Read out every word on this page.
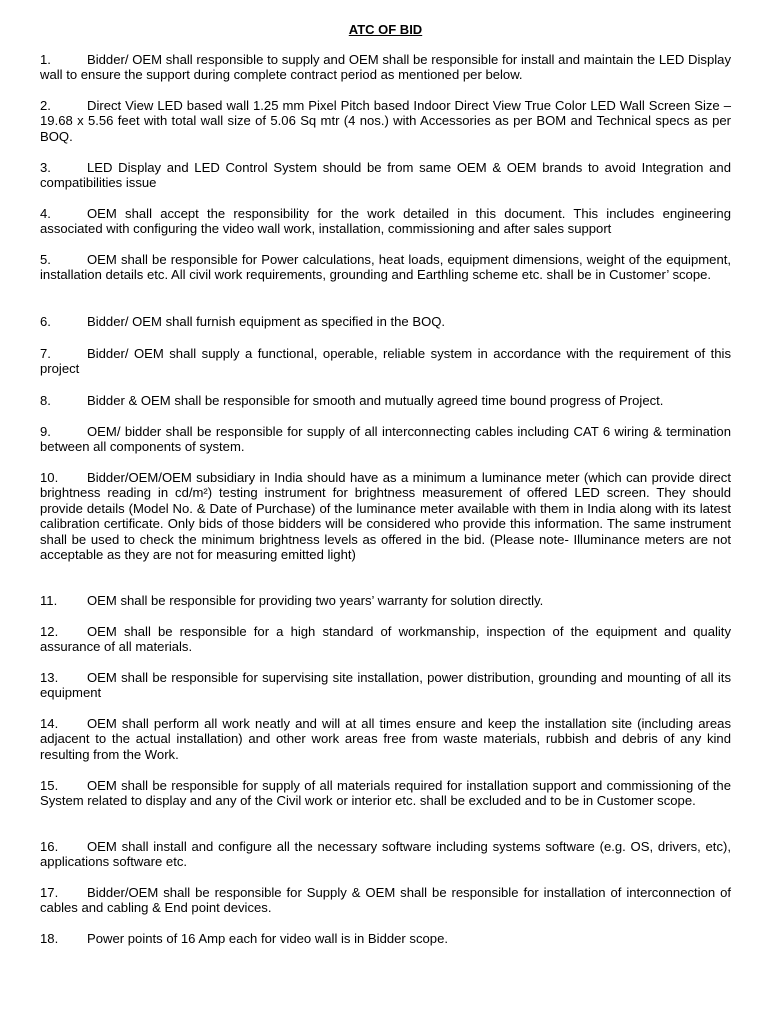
ATC OF BID

1.	Bidder/ OEM shall responsible to supply and OEM shall be responsible for install and maintain the LED Display wall to ensure the support during complete contract period as mentioned per below.

2.	Direct View LED based wall 1.25 mm Pixel Pitch based Indoor Direct View True Color LED Wall Screen Size – 19.68 x 5.56 feet with total wall size of 5.06 Sq mtr (4 nos.) with Accessories as per BOM and Technical specs as per BOQ.

3.	LED Display and LED Control System should be from same OEM & OEM brands to avoid Integration and compatibilities issue

4.	OEM shall accept the responsibility for the work detailed in this document. This includes engineering associated with configuring the video wall work, installation, commissioning and after sales support

5.	OEM shall be responsible for Power calculations, heat loads, equipment dimensions, weight of the equipment, installation details etc. All civil work requirements, grounding and Earthling scheme etc. shall be in Customer’ scope.

6.	Bidder/ OEM shall furnish equipment as specified in the BOQ.

7.	Bidder/ OEM shall supply a functional, operable, reliable system in accordance with the requirement of this project

8.	Bidder & OEM shall be responsible for smooth and mutually agreed time bound progress of Project.

9.	OEM/ bidder shall be responsible for supply of all interconnecting cables including CAT 6 wiring & termination between all components of system.

10. Bidder/OEM/OEM subsidiary in India should have as a minimum a luminance meter (which can provide direct brightness reading in cd/m²) testing instrument for brightness measurement of offered LED screen. They should provide details (Model No. & Date of Purchase) of the luminance meter available with them in India along with its latest calibration certificate. Only bids of those bidders will be considered who provide this information. The same instrument shall be used to check the minimum brightness levels as offered in the bid. (Please note- Illuminance meters are not acceptable as they are not for measuring emitted light)

11. OEM shall be responsible for providing two years’ warranty for solution directly.

12. OEM shall be responsible for a high standard of workmanship, inspection of the equipment and quality assurance of all materials.

13. OEM shall be responsible for supervising site installation, power distribution, grounding and mounting of all its equipment

14. OEM shall perform all work neatly and will at all times ensure and keep the installation site (including areas adjacent to the actual installation) and other work areas free from waste materials, rubbish and debris of any kind resulting from the Work.

15. OEM shall be responsible for supply of all materials required for installation support and commissioning of the System related to display and any of the Civil work or interior etc. shall be excluded and to be in Customer scope.

16. OEM shall install and configure all the necessary software including systems software (e.g. OS, drivers, etc), applications software etc.

17. Bidder/OEM shall be responsible for Supply & OEM shall be responsible for installation of interconnection of cables and cabling & End point devices.

18. Power points of 16 Amp each for video wall is in Bidder scope.
